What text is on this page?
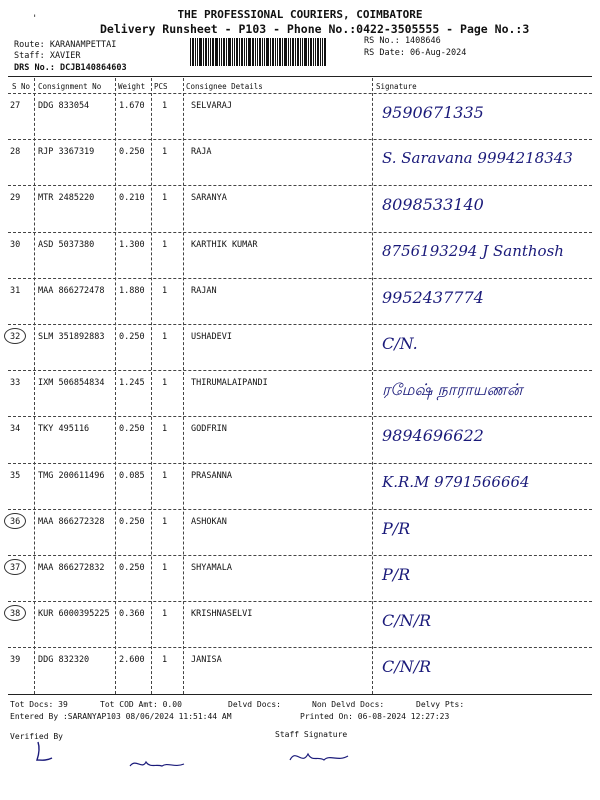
THE PROFESSIONAL COURIERS, COIMBATORE
'
Delivery Runsheet - P103 - Phone No.:0422-3505555 - Page No.:3
Route: KARANAMPETTAI
Staff: XAVIER
DRS No.: DCJB140864603
RS No.: 1408646
RS Date: 06-Aug-2024
S No Consignment No Weight PCS Consignee Details	Signature
27 DDG 833054	1.670 1	SELVARAJ	9590671335
28 RJP 3367319	0.250 1	RAJA	S. Saravana 9994218343
29 MTR 2485220	0.210 1	SARANYA	8098533140
30 ASD 5037380	1.300 1	KARTHIK KUMAR	8756193294 J Santhosh
31 MAA 866272478 1.880 1	RAJAN	9952437774
32 SLM 351892883 0.250 1	USHADEVI	C/N.
33 IXM 506854834 1.245 1	THIRUMALAIPANDI	ரமேஷ் நாராயணன்
34 TKY 495116	0.250 1	GODFRIN	9894696622
35 TMG 200611496 0.085 1	PRASANNA	K.R.M 9791566664
36 MAA 866272328 0.250 1	ASHOKAN	P/R
37 MAA 866272832 0.250 1	SHYAMALA	P/R
38 KUR 6000395225 0.360 1	KRISHNASELVI	C/N/R
39 DDG 832320	2.600 1	JANISA	C/N/R
Tot Docs: 39	Tot COD Amt: 0.00	Delvd Docs:	Non Delvd Docs:	Delvy Pts:
Entered By :SARANYAP103 08/06/2024 11:51:44 AM	Printed On: 06-08-2024 12:27:23
Verified By	Staff Signature
